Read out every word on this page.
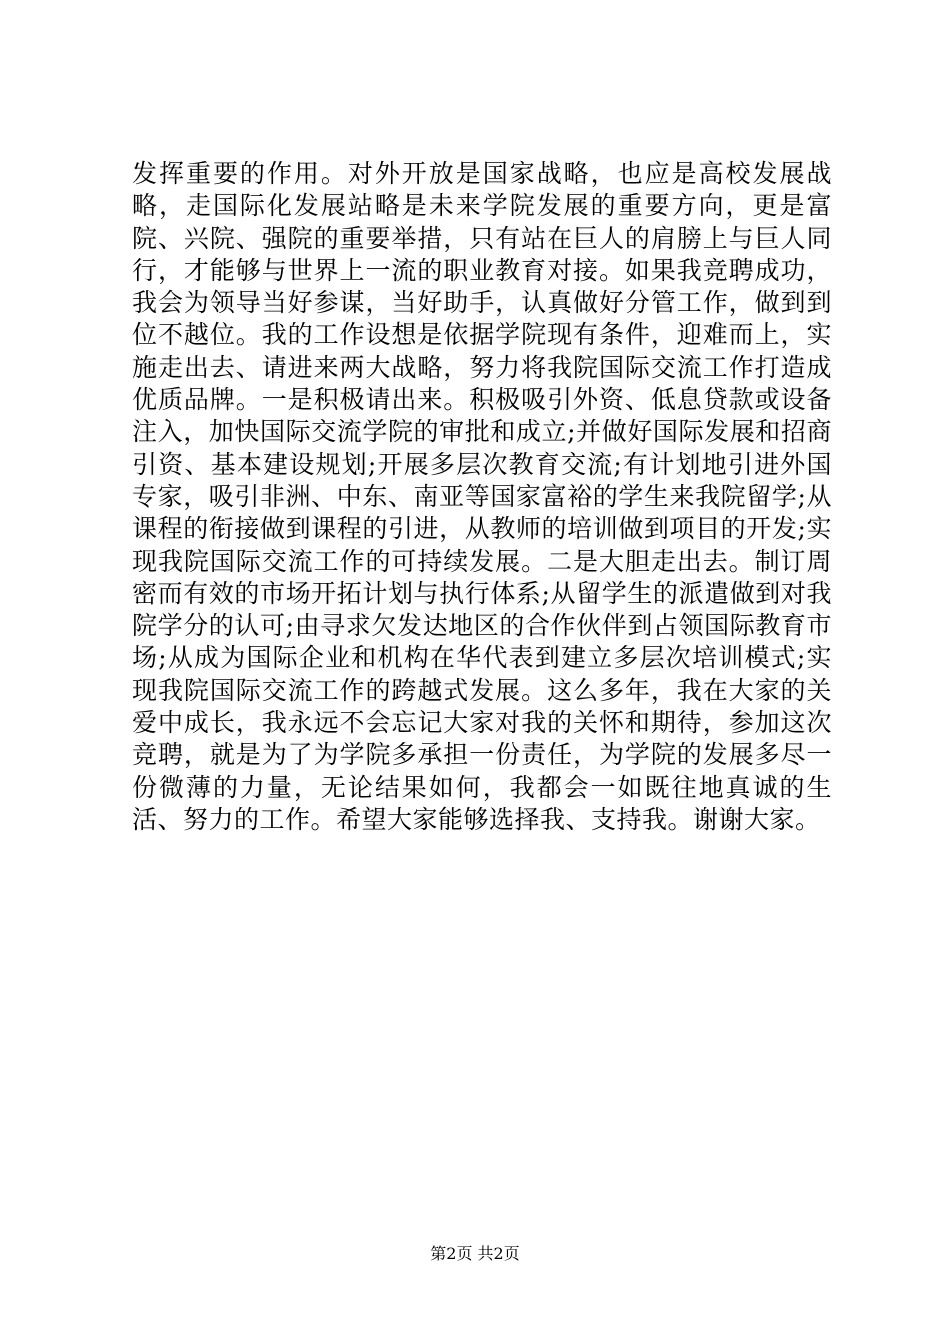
发挥重要的作用。对外开放是国家战略，也应是高校发展战略，走国际化发展站略是未来学院发展的重要方向，更是富院、兴院、强院的重要举措，只有站在巨人的肩膀上与巨人同行，才能够与世界上一流的职业教育对接。如果我竞聘成功，我会为领导当好参谋，当好助手，认真做好分管工作，做到到位不越位。我的工作设想是依据学院现有条件，迎难而上，实施走出去、请进来两大战略，努力将我院国际交流工作打造成优质品牌。一是积极请出来。积极吸引外资、低息贷款或设备注入，加快国际交流学院的审批和成立;并做好国际发展和招商引资、基本建设规划;开展多层次教育交流;有计划地引进外国专家，吸引非洲、中东、南亚等国家富裕的学生来我院留学;从课程的衔接做到课程的引进，从教师的培训做到项目的开发;实现我院国际交流工作的可持续发展。二是大胆走出去。制订周密而有效的市场开拓计划与执行体系;从留学生的派遣做到对我院学分的认可;由寻求欠发达地区的合作伙伴到占领国际教育市场;从成为国际企业和机构在华代表到建立多层次培训模式;实现我院国际交流工作的跨越式发展。这么多年，我在大家的关爱中成长，我永远不会忘记大家对我的关怀和期待，参加这次竞聘，就是为了为学院多承担一份责任，为学院的发展多尽一份微薄的力量，无论结果如何，我都会一如既往地真诚的生活、努力的工作。希望大家能够选择我、支持我。谢谢大家。

第2页 共2页
